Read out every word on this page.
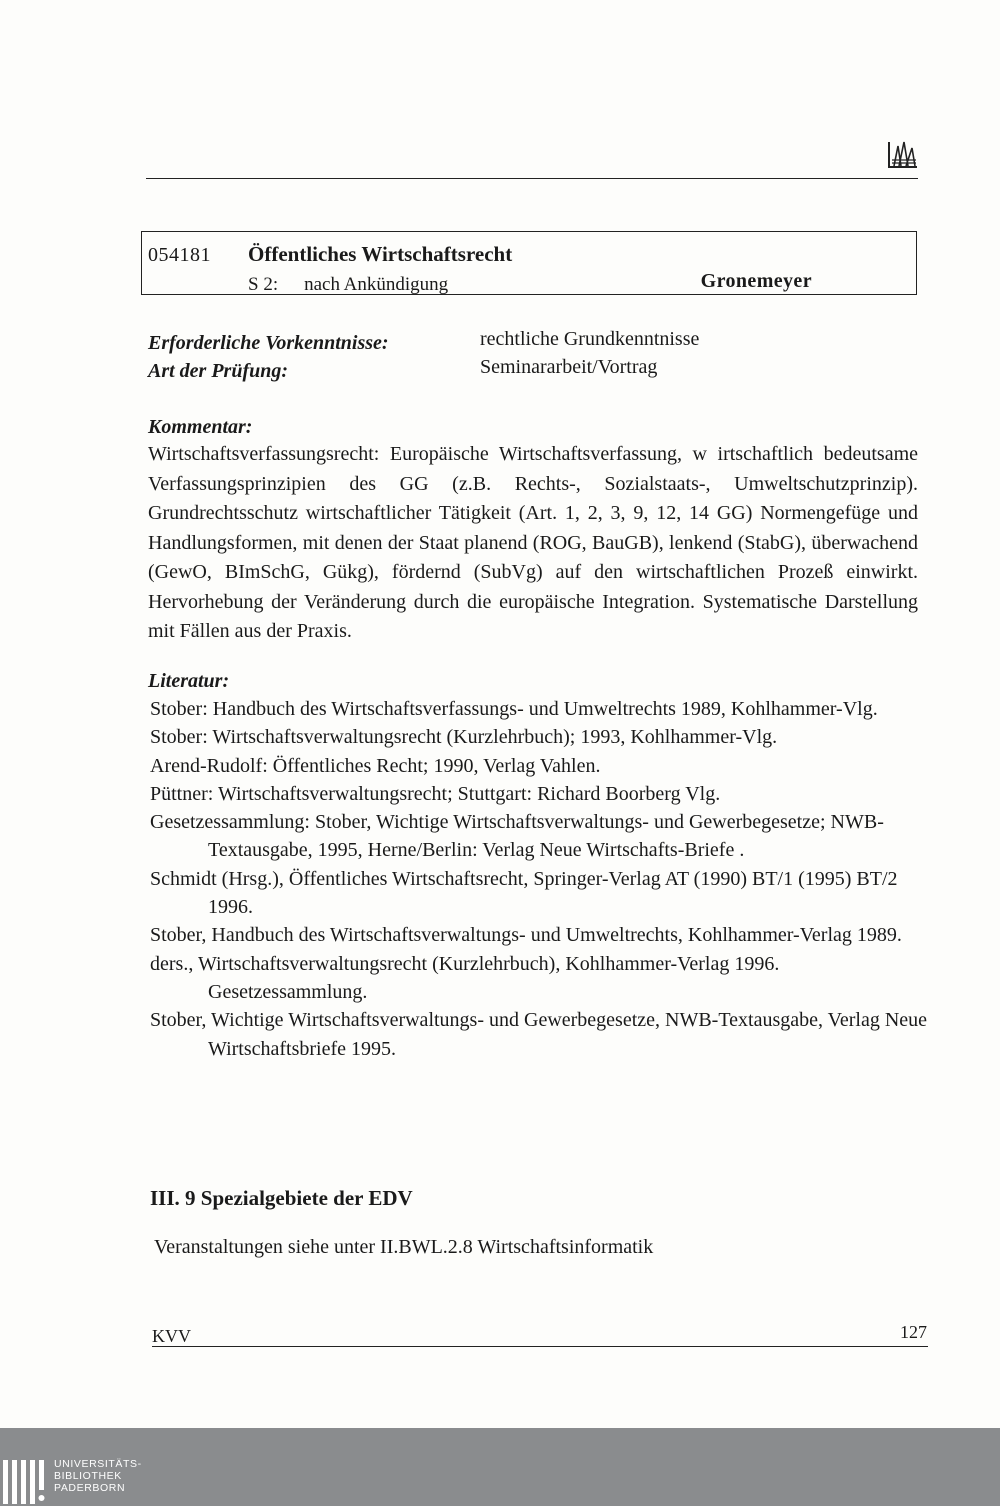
054181 Öffentliches Wirtschaftsrecht
S 2: nach Ankündigung	Gronemeyer
Erforderliche Vorkenntnisse:	rechtliche Grundkenntnisse
Art der Prüfung:	Seminararbeit/Vortrag
Kommentar:
Wirtschaftsverfassungsrecht: Europäische Wirtschaftsverfassung, w irtschaftlich bedeutsame Verfassungsprinzipien des GG (z.B. Rechts-, Sozialstaats-, Umweltschutzprinzip). Grundrechtsschutz wirtschaftlicher Tätigkeit (Art. 1, 2, 3, 9, 12, 14 GG) Normengefüge und Handlungsformen, mit denen der Staat planend (ROG, BauGB), lenkend (StabG), überwachend (GewO, BImSchG, Gükg), fördernd (SubVg) auf den wirtschaftlichen Prozeß einwirkt. Hervorhebung der Veränderung durch die europäische Integration. Systematische Darstellung mit Fällen aus der Praxis.
Literatur:
Stober: Handbuch des Wirtschaftsverfassungs- und Umweltrechts 1989, Kohlhammer-Vlg.
Stober: Wirtschaftsverwaltungsrecht (Kurzlehrbuch); 1993, Kohlhammer-Vlg.
Arend-Rudolf: Öffentliches Recht; 1990, Verlag Vahlen.
Püttner: Wirtschaftsverwaltungsrecht; Stuttgart: Richard Boorberg Vlg.
Gesetzessammlung: Stober, Wichtige Wirtschaftsverwaltungs- und Gewerbegesetze; NWB-Textausgabe, 1995, Herne/Berlin: Verlag Neue Wirtschafts-Briefe .
Schmidt (Hrsg.), Öffentliches Wirtschaftsrecht, Springer-Verlag AT (1990) BT/1 (1995) BT/2 1996.
Stober, Handbuch des Wirtschaftsverwaltungs- und Umweltrechts, Kohlhammer-Verlag 1989.
ders., Wirtschaftsverwaltungsrecht (Kurzlehrbuch), Kohlhammer-Verlag 1996. Gesetzessammlung.
Stober, Wichtige Wirtschaftsverwaltungs- und Gewerbegesetze, NWB-Textausgabe, Verlag Neue Wirtschaftsbriefe 1995.
III. 9 Spezialgebiete der EDV
Veranstaltungen siehe unter II.BWL.2.8 Wirtschaftsinformatik
KVV	127
UNIVERSITÄTS-
BIBLIOTHEK
PADERBORN
